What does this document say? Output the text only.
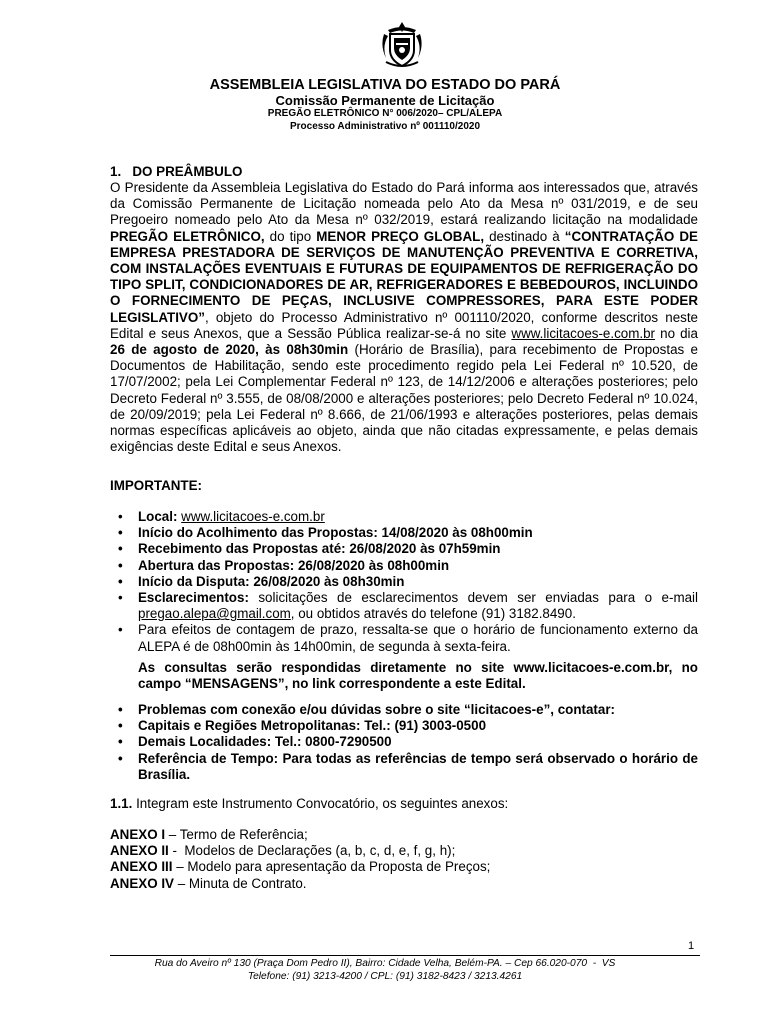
ASSEMBLEIA LEGISLATIVA DO ESTADO DO PARÁ
Comissão Permanente de Licitação
PREGÃO ELETRÔNICO N° 006/2020– CPL/ALEPA
Processo Administrativo nº 001110/2020
1.   DO PREÂMBULO
O Presidente da Assembleia Legislativa do Estado do Pará informa aos interessados que, através da Comissão Permanente de Licitação nomeada pelo Ato da Mesa nº 031/2019, e de seu Pregoeiro nomeado pelo Ato da Mesa nº 032/2019, estará realizando licitação na modalidade PREGÃO ELETRÔNICO, do tipo MENOR PREÇO GLOBAL, destinado à “CONTRATAÇÃO DE EMPRESA PRESTADORA DE SERVIÇOS DE MANUTENÇÃO PREVENTIVA E CORRETIVA, COM INSTALAÇÕES EVENTUAIS E FUTURAS DE EQUIPAMENTOS DE REFRIGERAÇÃO DO TIPO SPLIT, CONDICIONADORES DE AR, REFRIGERADORES E BEBEDOUROS, INCLUINDO O FORNECIMENTO DE PEÇAS, INCLUSIVE COMPRESSORES, PARA ESTE PODER LEGISLATIVO”, objeto do Processo Administrativo nº 001110/2020, conforme descritos neste Edital e seus Anexos, que a Sessão Pública realizar-se-á no site www.licitacoes-e.com.br no dia 26 de agosto de 2020, às 08h30min (Horário de Brasília), para recebimento de Propostas e Documentos de Habilitação, sendo este procedimento regido pela Lei Federal nº 10.520, de 17/07/2002; pela Lei Complementar Federal nº 123, de 14/12/2006 e alterações posteriores; pelo Decreto Federal nº 3.555, de 08/08/2000 e alterações posteriores; pelo Decreto Federal nº 10.024, de 20/09/2019; pela Lei Federal nº 8.666, de 21/06/1993 e alterações posteriores, pelas demais normas específicas aplicáveis ao objeto, ainda que não citadas expressamente, e pelas demais exigências deste Edital e seus Anexos.
IMPORTANTE:
• Local: www.licitacoes-e.com.br
• Início do Acolhimento das Propostas: 14/08/2020 às 08h00min
• Recebimento das Propostas até: 26/08/2020 às 07h59min
• Abertura das Propostas: 26/08/2020 às 08h00min
• Início da Disputa: 26/08/2020 às 08h30min
• Esclarecimentos: solicitações de esclarecimentos devem ser enviadas para o e-mail pregao.alepa@gmail.com, ou obtidos através do telefone (91) 3182.8490.
• Para efeitos de contagem de prazo, ressalta-se que o horário de funcionamento externo da ALEPA é de 08h00min às 14h00min, de segunda à sexta-feira.
As consultas serão respondidas diretamente no site www.licitacoes-e.com.br, no campo “MENSAGENS”, no link correspondente a este Edital.
• Problemas com conexão e/ou dúvidas sobre o site “licitacoes-e”, contatar:
• Capitais e Regiões Metropolitanas: Tel.: (91) 3003-0500
• Demais Localidades: Tel.: 0800-7290500
• Referência de Tempo: Para todas as referências de tempo será observado o horário de Brasília.
1.1. Integram este Instrumento Convocatório, os seguintes anexos:
ANEXO I – Termo de Referência;
ANEXO II -  Modelos de Declarações (a, b, c, d, e, f, g, h);
ANEXO III – Modelo para apresentação da Proposta de Preços;
ANEXO IV – Minuta de Contrato.
1
Rua do Aveiro nº 130 (Praça Dom Pedro II), Bairro: Cidade Velha, Belém-PA. – Cep 66.020-070  -  VS
Telefone: (91) 3213-4200 / CPL: (91) 3182-8423 / 3213.4261
